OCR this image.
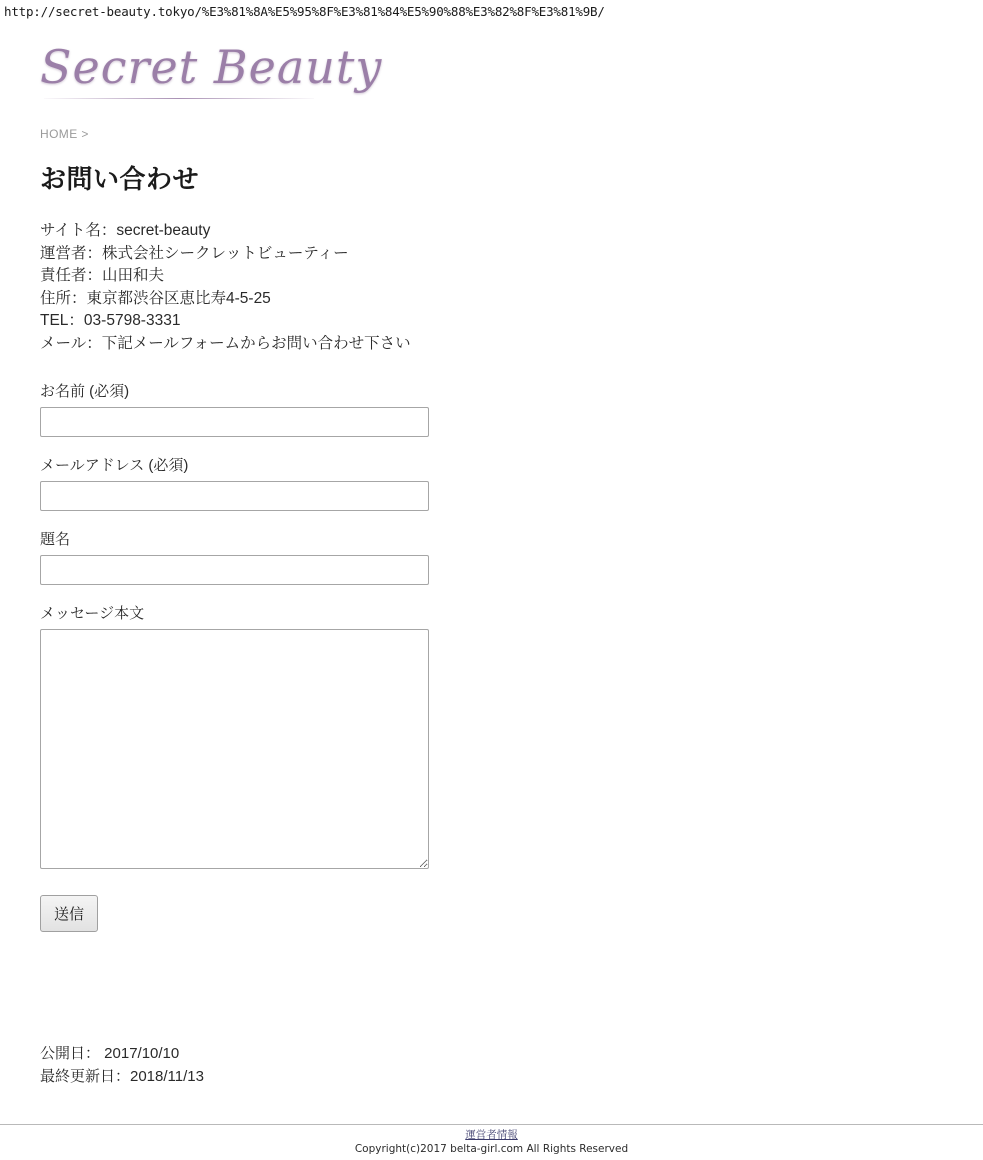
http://secret-beauty.tokyo/%E3%81%8A%E5%95%8F%E3%81%84%E5%90%88%E3%82%8F%E3%81%9B/
Secret Beauty
HOME >
お問い合わせ
サイト名：secret-beauty
運営者：株式会社シークレットビューティー
責任者：山田和夫
住所：東京都渋谷区恵比寿4-5-25
TEL：03-5798-3331
メール：下記メールフォームからお問い合わせ下さい
お名前 (必須)
メールアドレス (必須)
題名
メッセージ本文
送信
公開日： 2017/10/10
最終更新日：2018/11/13
運営者情報
Copyright(c)2017 belta-girl.com All Rights Reserved
